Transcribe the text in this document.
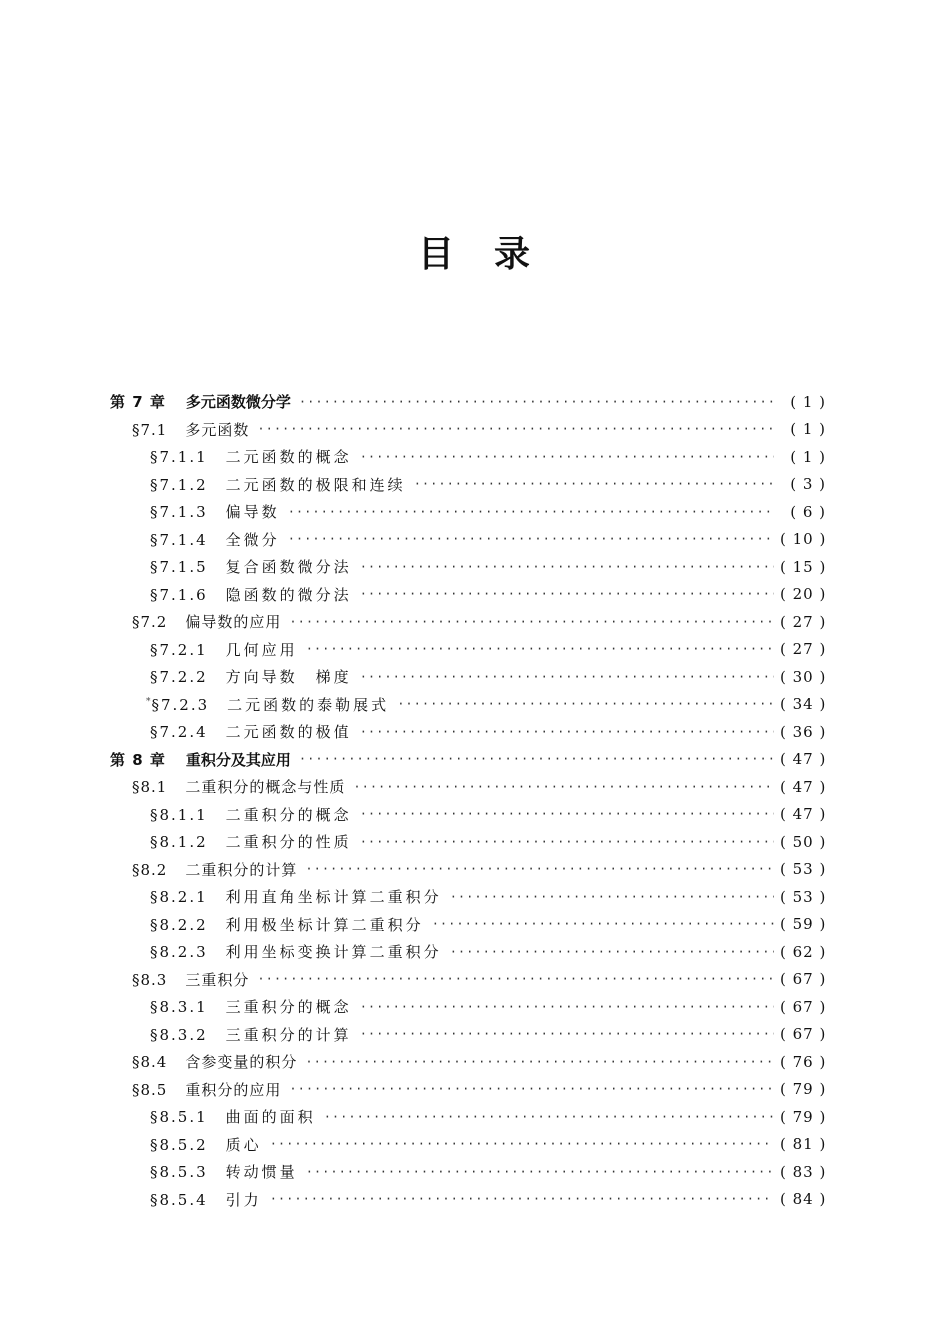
目　录
第 7 章 多元函数微分学 ·····	( 1 )
§7.1 多元函数 ·····	( 1 )
§7.1.1 二元函数的概念 ·····	( 1 )
§7.1.2 二元函数的极限和连续 ·····	( 3 )
§7.1.3 偏导数 ·····	( 6 )
§7.1.4 全微分 ·····	( 10 )
§7.1.5 复合函数微分法 ·····	( 15 )
§7.1.6 隐函数的微分法 ·····	( 20 )
§7.2 偏导数的应用 ·····	( 27 )
§7.2.1 几何应用 ·····	( 27 )
§7.2.2 方向导数　梯度 ·····	( 30 )
*§7.2.3 二元函数的泰勒展式 ·····	( 34 )
§7.2.4 二元函数的极值 ·····	( 36 )
第 8 章 重积分及其应用 ·····	( 47 )
§8.1 二重积分的概念与性质 ·····	( 47 )
§8.1.1 二重积分的概念 ·····	( 47 )
§8.1.2 二重积分的性质 ·····	( 50 )
§8.2 二重积分的计算 ·····	( 53 )
§8.2.1 利用直角坐标计算二重积分 ·····	( 53 )
§8.2.2 利用极坐标计算二重积分 ·····	( 59 )
§8.2.3 利用坐标变换计算二重积分 ·····	( 62 )
§8.3 三重积分 ·····	( 67 )
§8.3.1 三重积分的概念 ·····	( 67 )
§8.3.2 三重积分的计算 ·····	( 67 )
§8.4 含参变量的积分 ·····	( 76 )
§8.5 重积分的应用 ·····	( 79 )
§8.5.1 曲面的面积 ·····	( 79 )
§8.5.2 质心 ·····	( 81 )
§8.5.3 转动惯量 ·····	( 83 )
§8.5.4 引力 ·····	( 84 )
